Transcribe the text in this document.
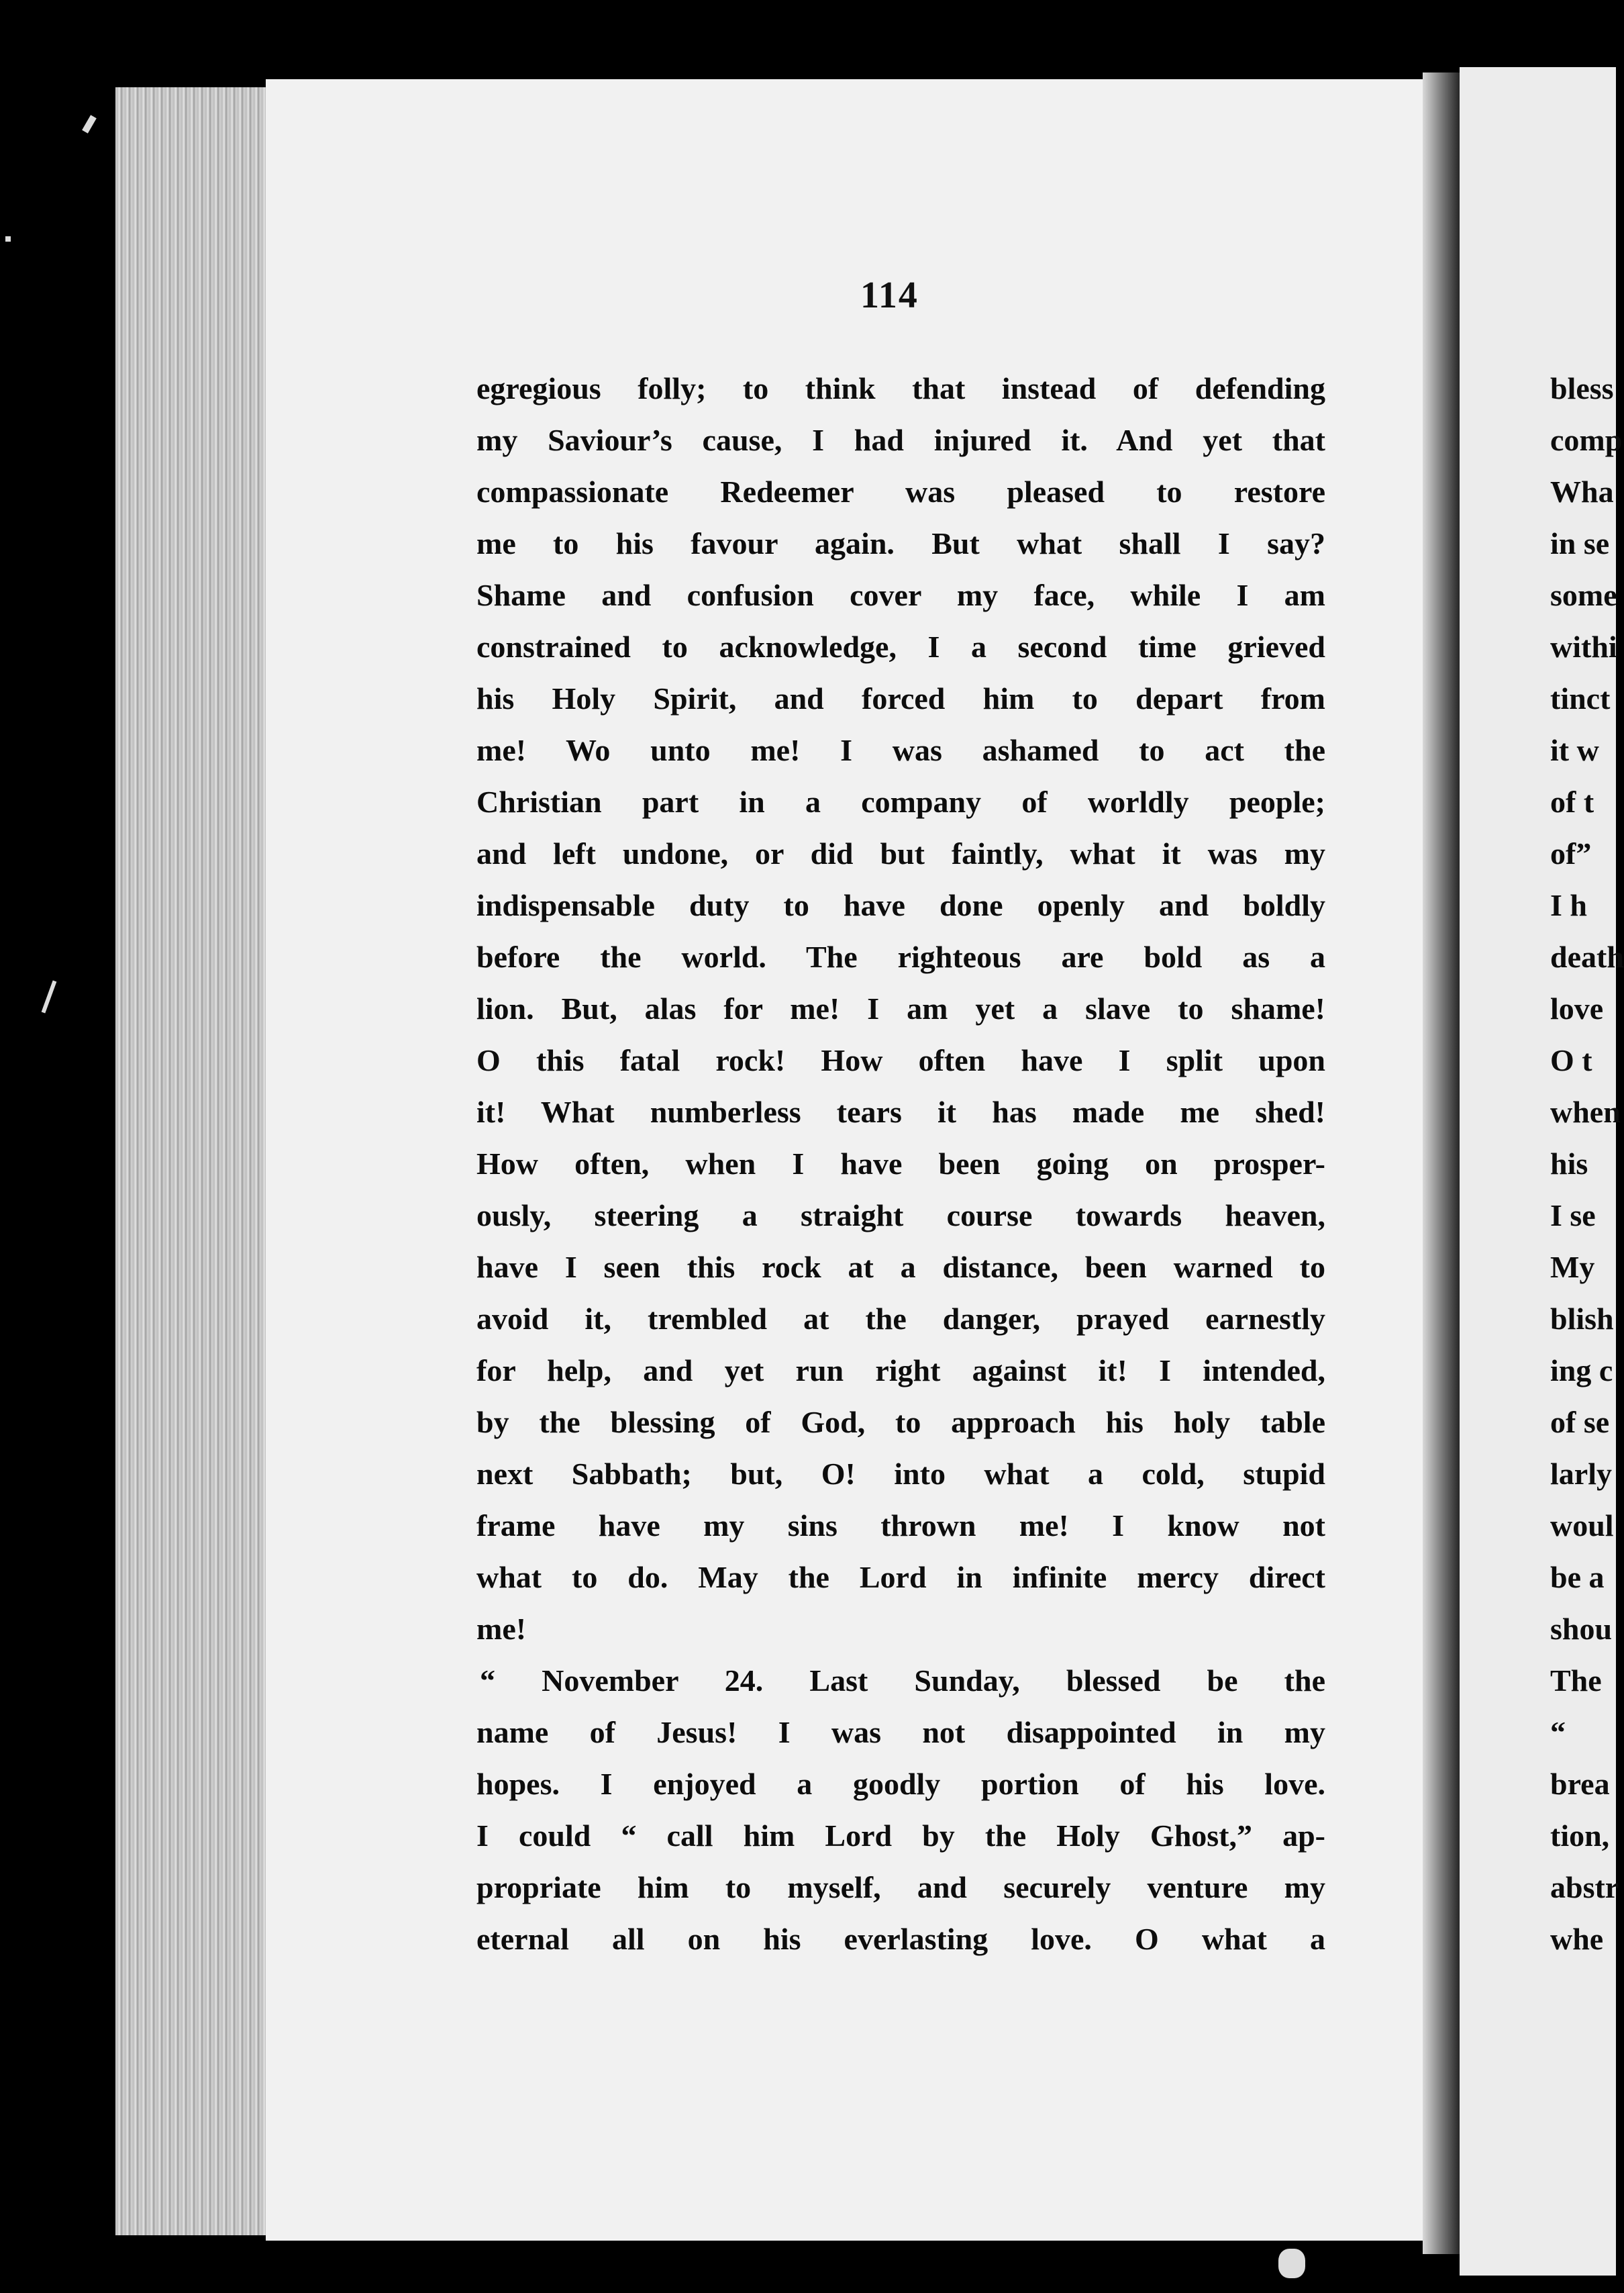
114
egregious folly; to think that instead of defending
my Saviour’s cause, I had injured it. And yet that
compassionate Redeemer was pleased to restore
me to his favour again. But what shall I say?
Shame and confusion cover my face, while I am
constrained to acknowledge, I a second time grieved
his Holy Spirit, and forced him to depart from
me! Wo unto me! I was ashamed to act the
Christian part in a company of worldly people;
and left undone, or did but faintly, what it was my
indispensable duty to have done openly and boldly
before the world. The righteous are bold as a
lion. But, alas for me! I am yet a slave to shame!
O this fatal rock! How often have I split upon
it! What numberless tears it has made me shed!
How often, when I have been going on prosper-
ously, steering a straight course towards heaven,
have I seen this rock at a distance, been warned to
avoid it, trembled at the danger, prayed earnestly
for help, and yet run right against it! I intended,
by the blessing of God, to approach his holy table
next Sabbath; but, O! into what a cold, stupid
frame have my sins thrown me! I know not
what to do. May the Lord in infinite mercy direct
me!
“ November 24. Last Sunday, blessed be the
name of Jesus! I was not disappointed in my
hopes. I enjoyed a goodly portion of his love.
I could “ call him Lord by the Holy Ghost,” ap-
propriate him to myself, and securely venture my
eternal all on his everlasting love. O what a
bless
comp
Wha
in se
some
withi
tinct
it w
of t
of”
I h
death
love
O t
when
his
I se
My
blish
ing c
of se
larly
woul
be a
shou
The
“
brea
tion,
abstr
whe
